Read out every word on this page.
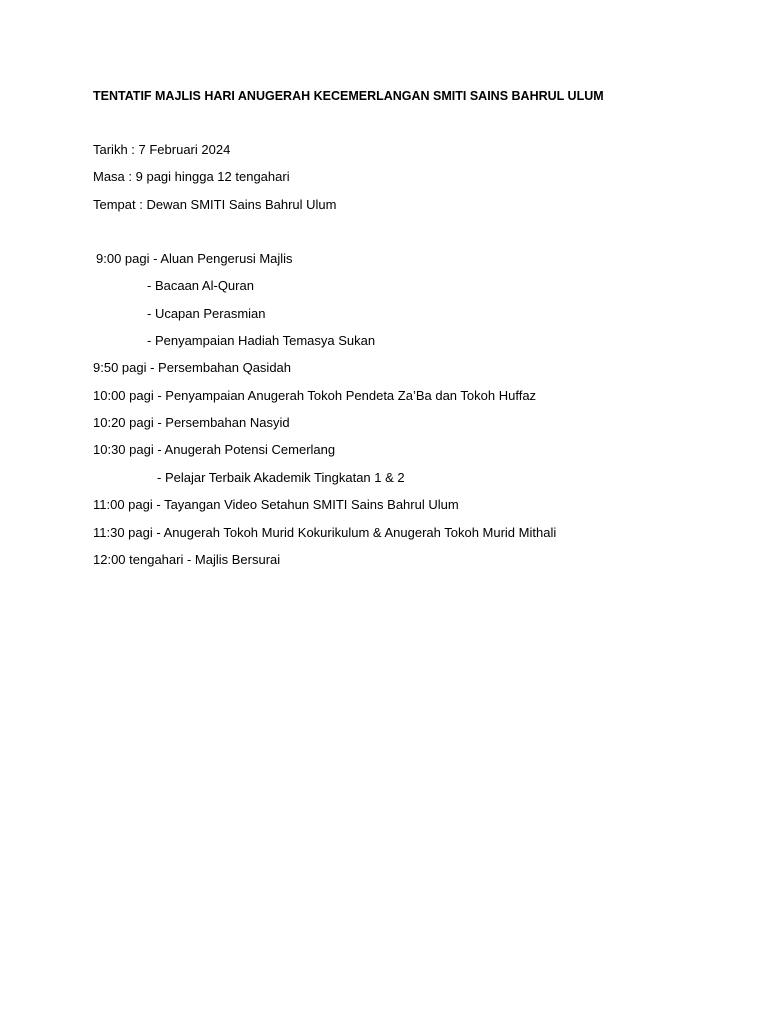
TENTATIF MAJLIS HARI ANUGERAH KECEMERLANGAN SMITI SAINS BAHRUL ULUM
Tarikh : 7 Februari 2024
Masa : 9 pagi hingga 12 tengahari
Tempat : Dewan SMITI Sains Bahrul Ulum
9:00 pagi - Aluan Pengerusi Majlis
- Bacaan Al-Quran
- Ucapan Perasmian
- Penyampaian Hadiah Temasya Sukan
9:50 pagi - Persembahan Qasidah
10:00 pagi - Penyampaian Anugerah Tokoh Pendeta Za’Ba dan Tokoh Huffaz
10:20 pagi - Persembahan Nasyid
10:30 pagi - Anugerah Potensi Cemerlang
- Pelajar Terbaik Akademik Tingkatan 1 & 2
11:00 pagi - Tayangan Video Setahun SMITI Sains Bahrul Ulum
11:30 pagi - Anugerah Tokoh Murid Kokurikulum & Anugerah Tokoh Murid Mithali
12:00 tengahari - Majlis Bersurai
